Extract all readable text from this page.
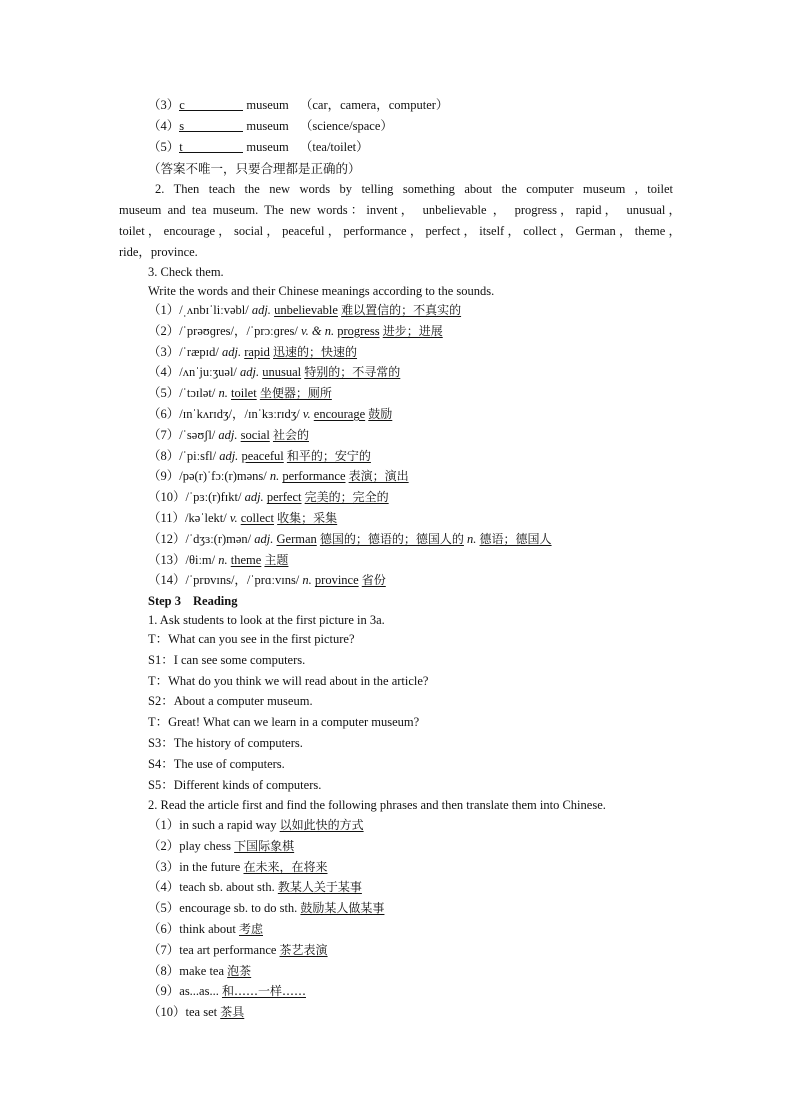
（3）c	museum （car，camera，computer）
（4）s	museum （science/space）
（5）t	museum （tea/toilet）
（答案不唯一，只要合理都是正确的）
2. Then teach the new words by telling something about the computer museum , toilet
museum and tea museum. The new words：invent， unbelievable ， progress，rapid， unusual，
toilet，encourage，social，peaceful，performance，perfect，itself，collect，German，theme，
ride，province.
3. Check them.
Write the words and their Chinese meanings according to the sounds.
（1）/ˌʌnbɪˈliːvəbl/ adj. unbelievable 难以置信的；不真实的
（2）/ˈprəʊɡres/，/ˈprɔːɡres/ v. & n. progress 进步；进展
（3）/ˈræpɪd/ adj. rapid 迅速的；快速的
（4）/ʌnˈjuːʒuəl/ adj. unusual 特别的；不寻常的
（5）/ˈtɔɪlət/ n. toilet 坐便器；厕所
（6）/ɪnˈkʌrɪdʒ/，/ɪnˈkɜːrɪdʒ/ v. encourage 鼓励
（7）/ˈsəʊʃl/ adj. social 社会的
（8）/ˈpiːsfl/ adj. peaceful 和平的；安宁的
（9）/pə(r)ˈfɔː(r)məns/ n. performance 表演；演出
（10）/ˈpɜː(r)fɪkt/ adj. perfect 完美的；完全的
（11）/kəˈlekt/ v. collect 收集；采集
（12）/ˈdʒɜː(r)mən/ adj. German 德国的；德语的；德国人的 n. 德语；德国人
（13）/θiːm/ n. theme 主题
（14）/ˈprɒvɪns/，/ˈprɑːvɪns/ n. province 省份
Step 3 Reading
1. Ask students to look at the first picture in 3a.
T：What can you see in the first picture?
S1：I can see some computers.
T：What do you think we will read about in the article?
S2：About a computer museum.
T：Great! What can we learn in a computer museum?
S3：The history of computers.
S4：The use of computers.
S5：Different kinds of computers.
2. Read the article first and find the following phrases and then translate them into Chinese.
（1）in such a rapid way 以如此快的方式
（2）play chess 下国际象棋
（3）in the future 在未来，在将来
（4）teach sb. about sth. 教某人关于某事
（5）encourage sb. to do sth. 鼓励某人做某事
（6）think about 考虑
（7）tea art performance 茶艺表演
（8）make tea 泡茶
（9）as...as... 和……一样……
（10）tea set 茶具
